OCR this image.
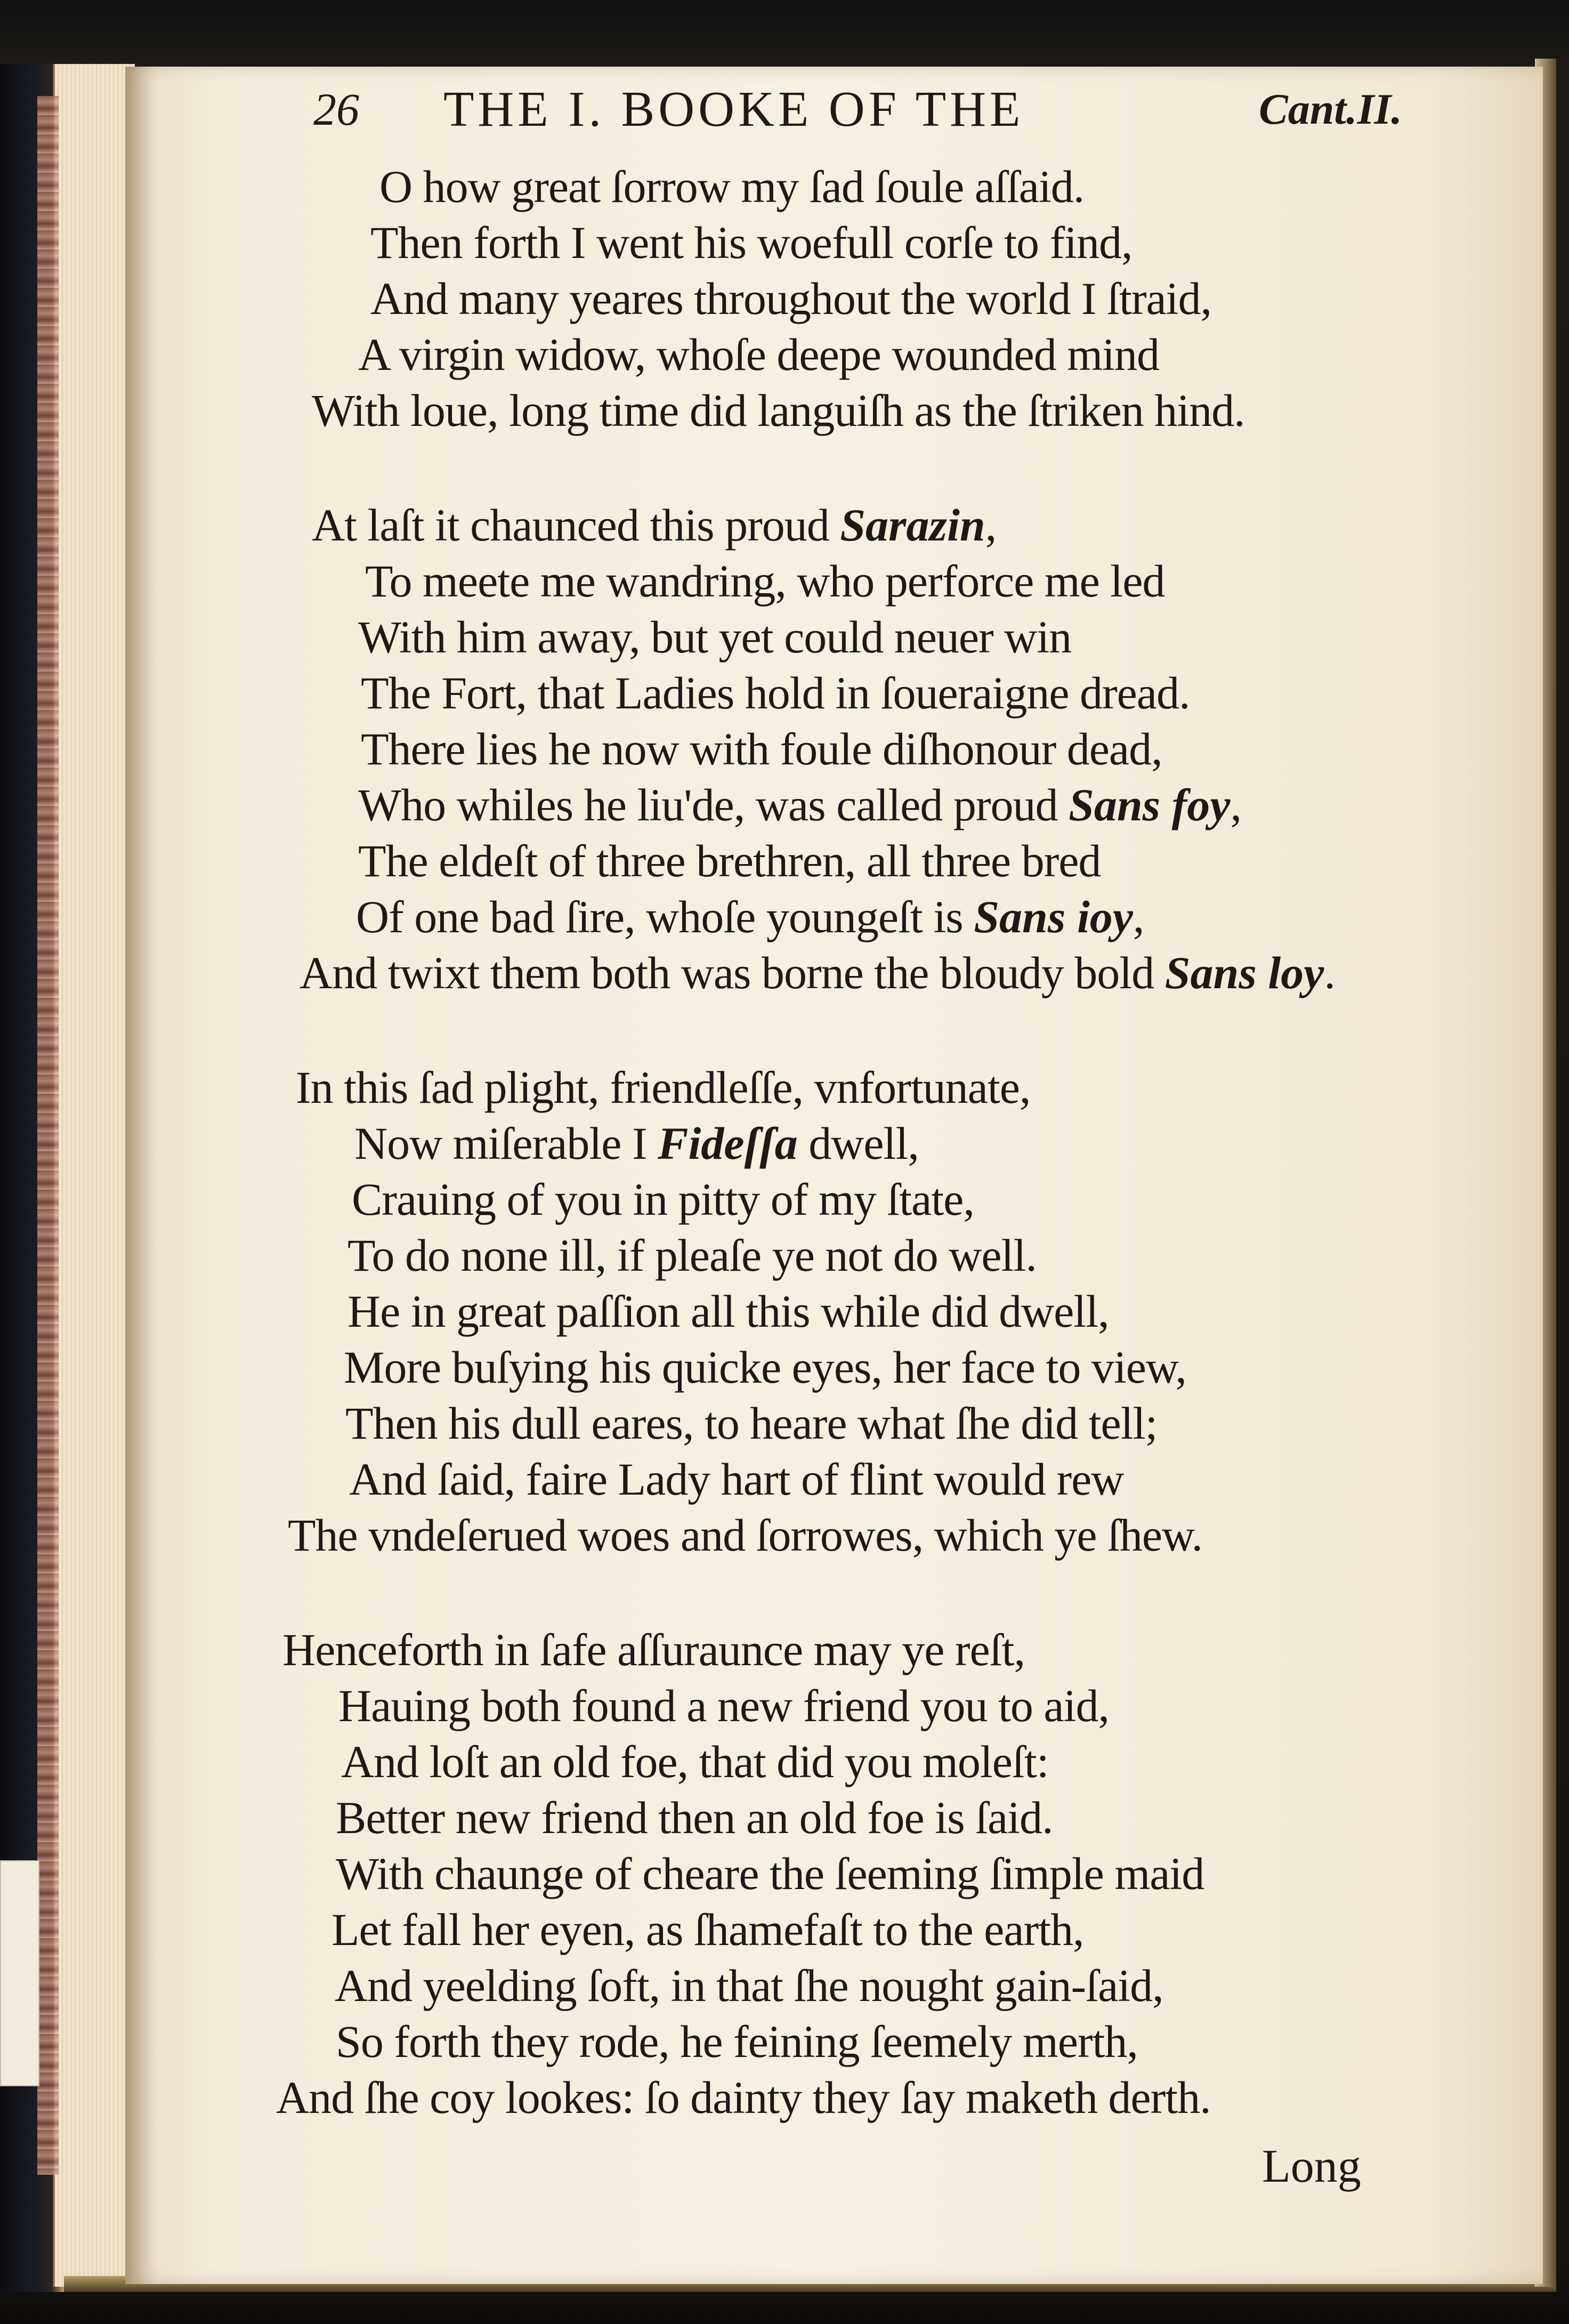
26 THE I. BOOKE OF THE	Cant.II.
O how great ſorrow my ſad ſoule aſſaid.
Then forth I went his woefull corſe to find,
And many yeares throughout the world I ſtraid,
A virgin widow, whoſe deepe wounded mind
With loue, long time did languiſh as the ſtriken hind.
At laſt it chaunced this proud Sarazin,
To meete me wandring, who perforce me led
With him away, but yet could neuer win
The Fort, that Ladies hold in ſoueraigne dread.
There lies he now with foule diſhonour dead,
Who whiles he liu'de, was called proud Sans foy,
The eldeſt of three brethren, all three bred
Of one bad ſire, whoſe youngeſt is Sans ioy,
And twixt them both was borne the bloudy bold Sans loy.
In this ſad plight, friendleſſe, vnfortunate,
Now miſerable I Fideſſa dwell,
Crauing of you in pitty of my ſtate,
To do none ill, if pleaſe ye not do well.
He in great paſſion all this while did dwell,
More buſying his quicke eyes, her face to view,
Then his dull eares, to heare what ſhe did tell;
And ſaid, faire Lady hart of flint would rew
The vndeſerued woes and ſorrowes, which ye ſhew.
Henceforth in ſafe aſſuraunce may ye reſt,
Hauing both found a new friend you to aid,
And loſt an old foe, that did you moleſt:
Better new friend then an old foe is ſaid.
With chaunge of cheare the ſeeming ſimple maid
Let fall her eyen, as ſhamefaſt to the earth,
And yeelding ſoft, in that ſhe nought gain-ſaid,
So forth they rode, he feining ſeemely merth,
And ſhe coy lookes: ſo dainty they ſay maketh derth.
Long
